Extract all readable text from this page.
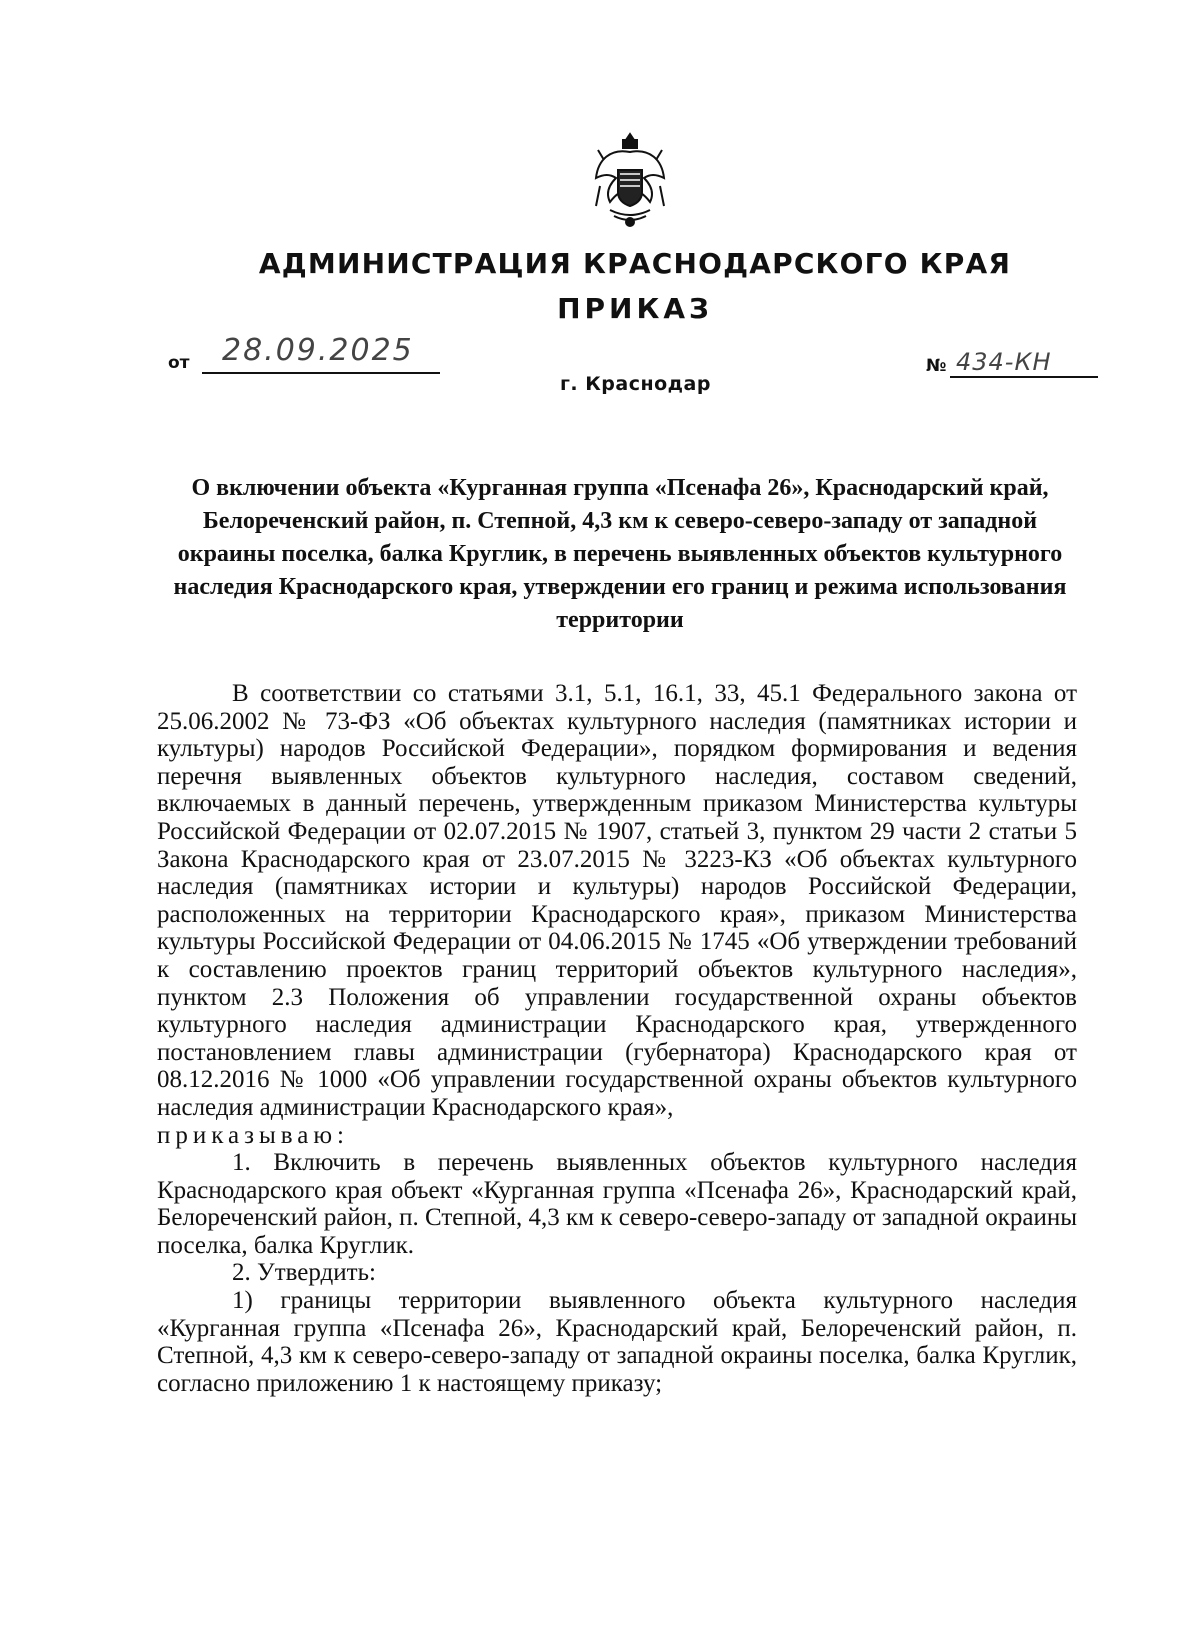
АДМИНИСТРАЦИЯ КРАСНОДАРСКОГО КРАЯ
ПРИКАЗ
от 28.09.2025
г. Краснодар
№ 434-КН

О включении объекта «Курганная группа «Псенафа 26», Краснодарский край, Белореченский район, п. Степной, 4,3 км к северо-северо-западу от западной окраины поселка, балка Круглик, в перечень выявленных объектов культурного наследия Краснодарского края, утверждении его границ и режима использования территории

В соответствии со статьями 3.1, 5.1, 16.1, 33, 45.1 Федерального закона от 25.06.2002 № 73-ФЗ «Об объектах культурного наследия (памятниках истории и культуры) народов Российской Федерации», порядком формирования и ведения перечня выявленных объектов культурного наследия, составом сведений, включаемых в данный перечень, утвержденным приказом Министерства культуры Российской Федерации от 02.07.2015 № 1907, статьей 3, пунктом 29 части 2 статьи 5 Закона Краснодарского края от 23.07.2015 № 3223-КЗ «Об объектах культурного наследия (памятниках истории и культуры) народов Российской Федерации, расположенных на территории Краснодарского края», приказом Министерства культуры Российской Федерации от 04.06.2015 № 1745 «Об утверждении требований к составлению проектов границ территорий объектов культурного наследия», пунктом 2.3 Положения об управлении государственной охраны объектов культурного наследия администрации Краснодарского края, утвержденного постановлением главы администрации (губернатора) Краснодарского края от 08.12.2016 № 1000 «Об управлении государственной охраны объектов культурного наследия администрации Краснодарского края»,

приказываю:

1. Включить в перечень выявленных объектов культурного наследия Краснодарского края объект «Курганная группа «Псенафа 26», Краснодарский край, Белореченский район, п. Степной, 4,3 км к северо-северо-западу от западной окраины поселка, балка Круглик.

2. Утвердить:

1) границы территории выявленного объекта культурного наследия «Курганная группа «Псенафа 26», Краснодарский край, Белореченский район, п. Степной, 4,3 км к северо-северо-западу от западной окраины поселка, балка Круглик, согласно приложению 1 к настоящему приказу;
